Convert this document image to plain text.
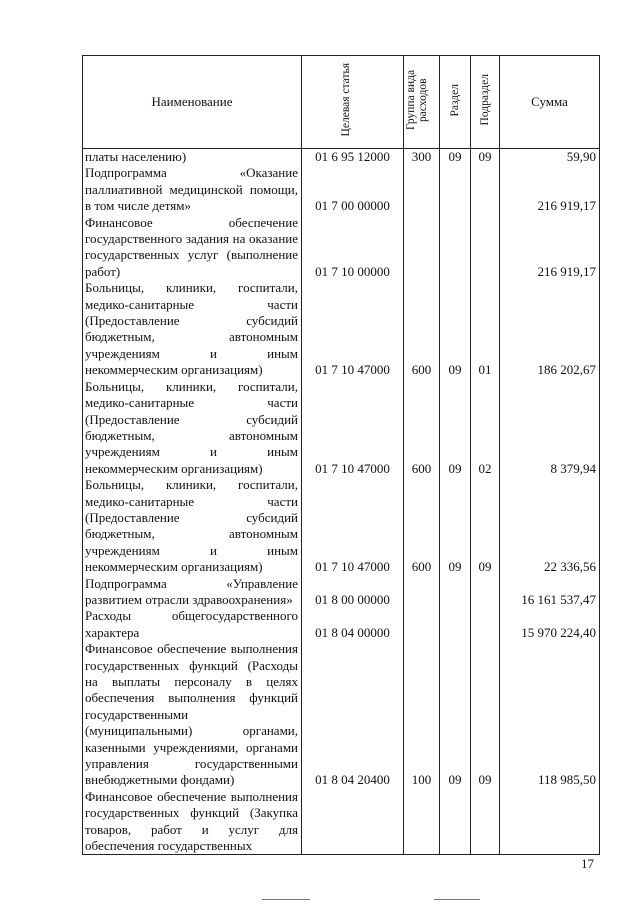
Наименование	Целевая статья	Группа вида расходов	Раздел	Подраздел	Сумма
платы населению)	01 6 95 12000	300	09	09	59,90
Подпрограмма «Оказание паллиативной медицинской помощи, в том числе детям»	01 7 00 00000				216 919,17
Финансовое обеспечение государственного задания на оказание государственных услуг (выполнение работ)	01 7 10 00000				216 919,17
Больницы, клиники, госпитали, медико-санитарные части (Предоставление субсидий бюджетным, автономным учреждениям и иным некоммерческим организациям)	01 7 10 47000	600	09	01	186 202,67
Больницы, клиники, госпитали, медико-санитарные части (Предоставление субсидий бюджетным, автономным учреждениям и иным некоммерческим организациям)	01 7 10 47000	600	09	02	8 379,94
Больницы, клиники, госпитали, медико-санитарные части (Предоставление субсидий бюджетным, автономным учреждениям и иным некоммерческим организациям)	01 7 10 47000	600	09	09	22 336,56
Подпрограмма «Управление развитием отрасли здравоохранения»	01 8 00 00000				16 161 537,47
Расходы общегосударственного характера	01 8 04 00000				15 970 224,40
Финансовое обеспечение выполнения государственных функций (Расходы на выплаты персоналу в целях обеспечения выполнения функций государственными (муниципальными) органами, казенными учреждениями, органами управления государственными внебюджетными фондами)	01 8 04 20400	100	09	09	118 985,50
Финансовое обеспечение выполнения государственных функций (Закупка товаров, работ и услуг для обеспечения государственных					
17
